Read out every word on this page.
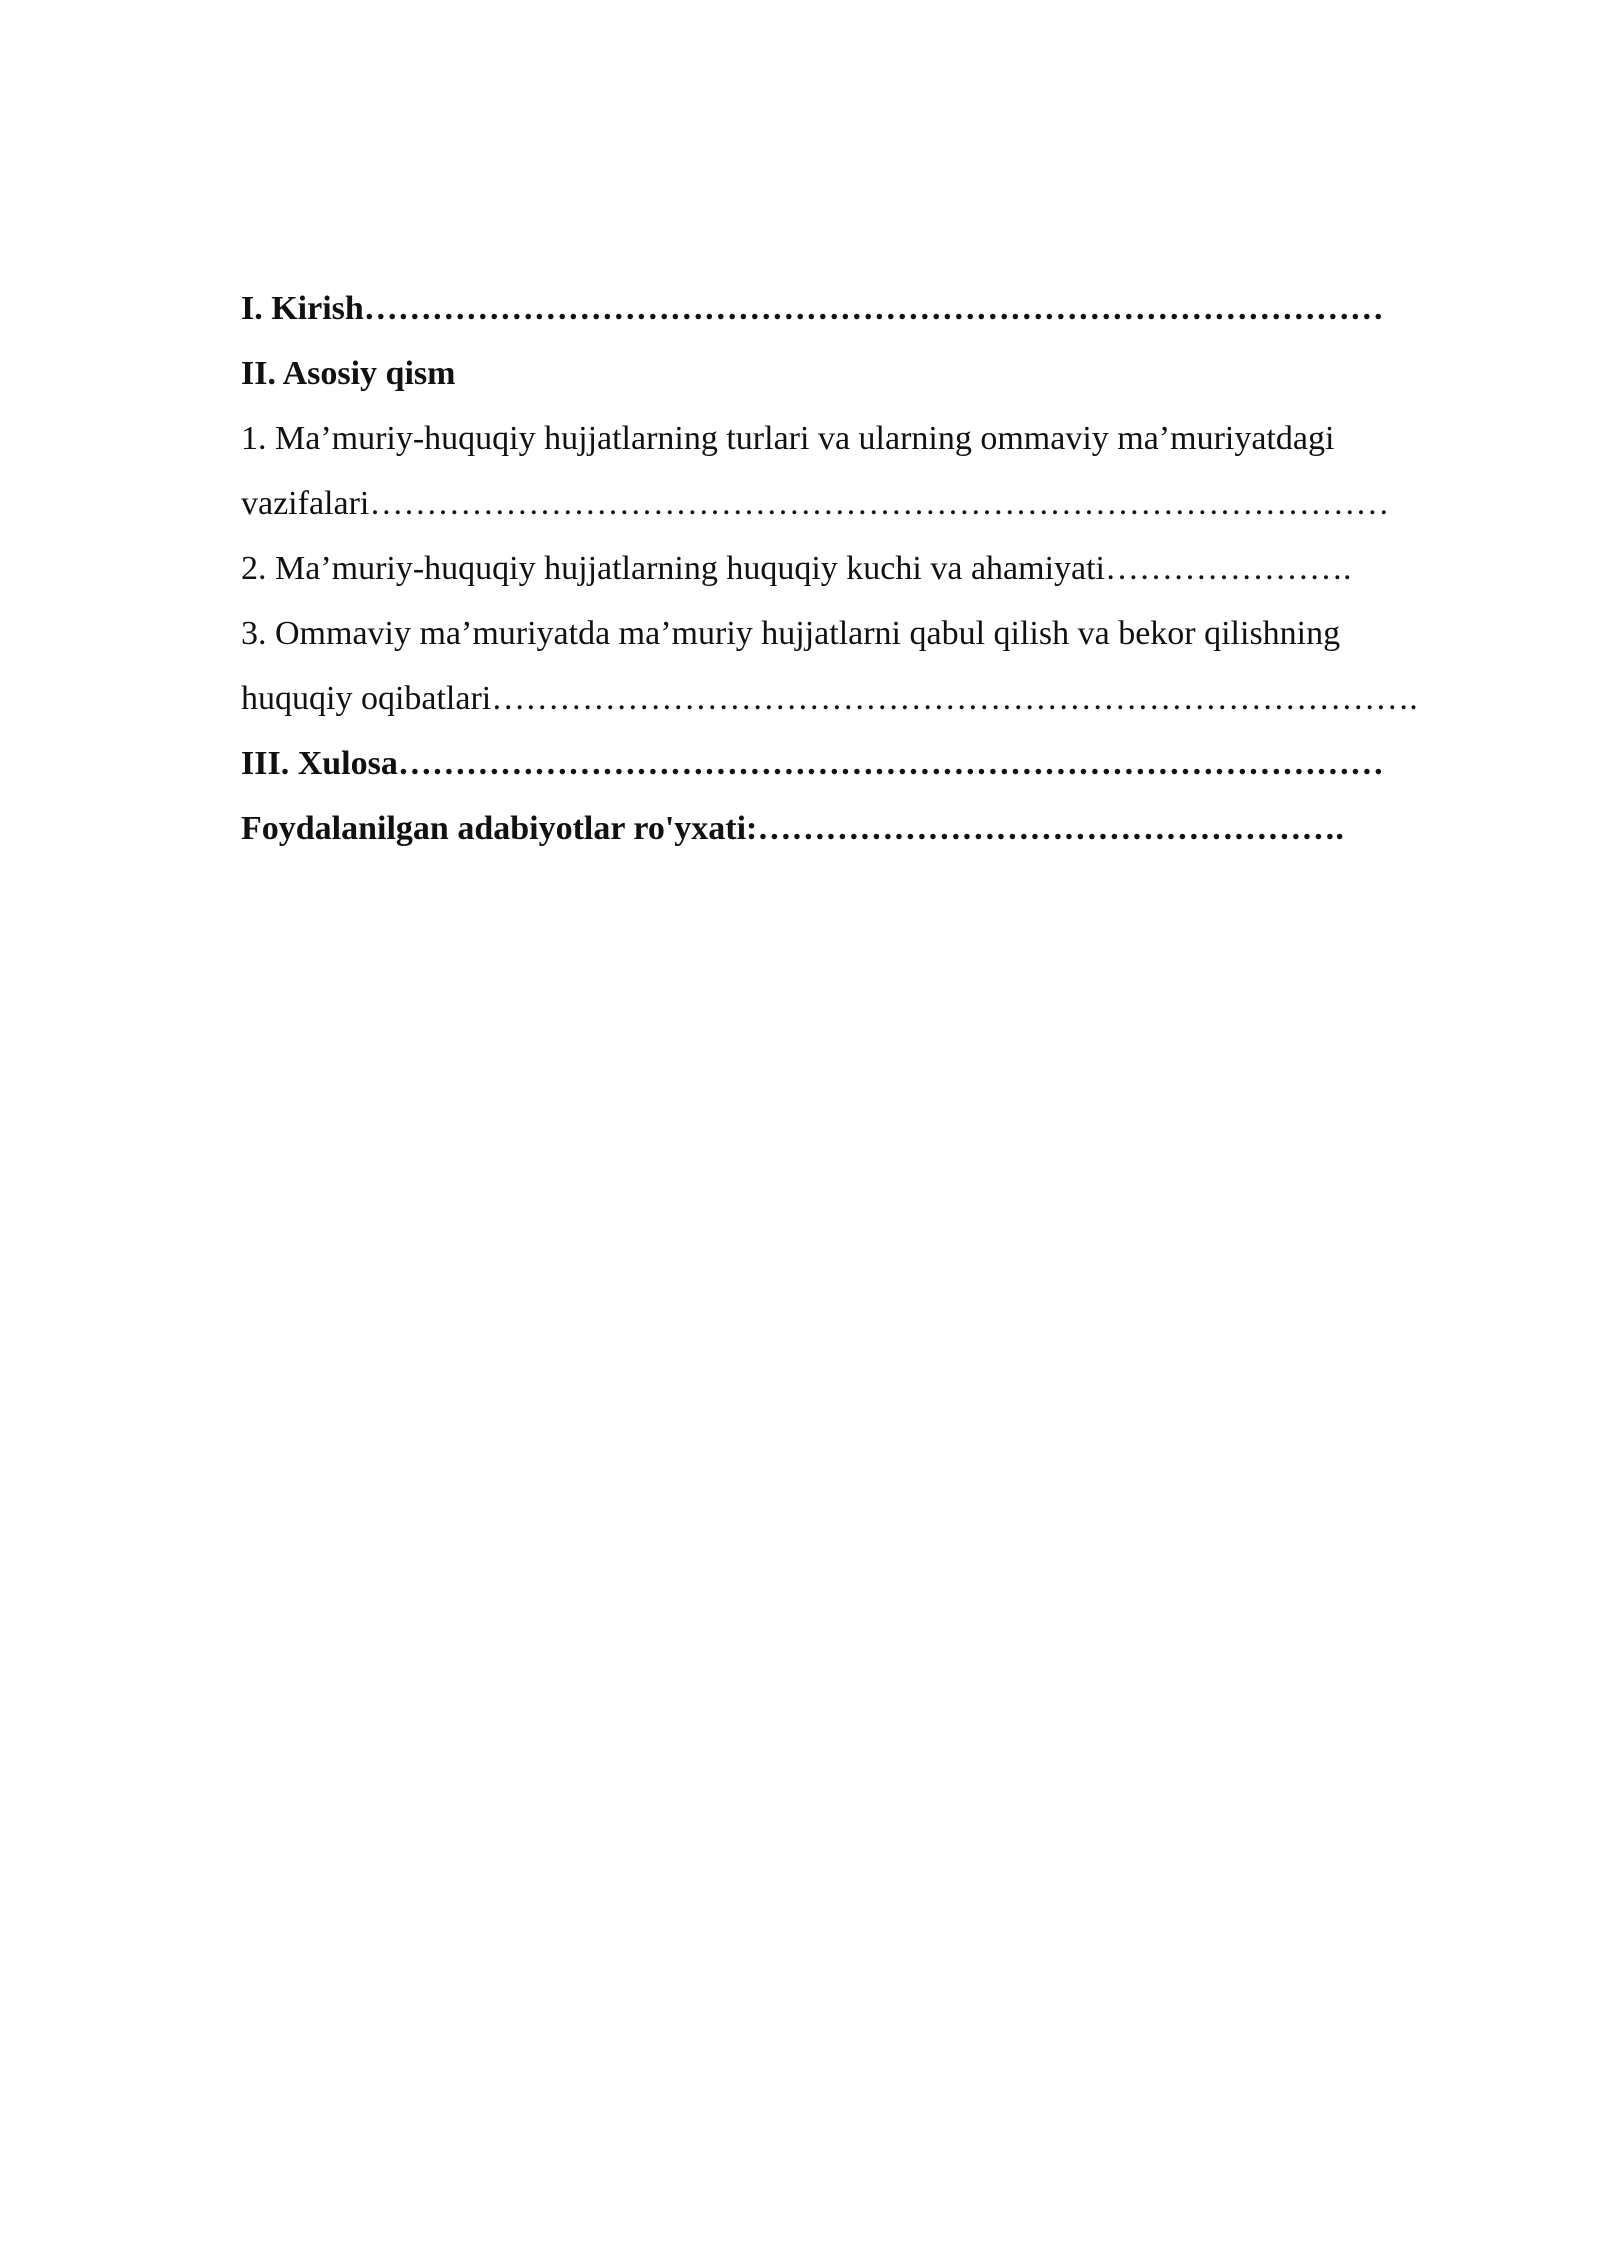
I. Kirish………………………………………………………………………………
II. Asosiy qism
1. Ma’muriy-huquqiy hujjatlarning turlari va ularning ommaviy ma’muriyatdagi
vazifalari………………………………………………………………………………
2. Ma’muriy-huquqiy hujjatlarning huquqiy kuchi va ahamiyati………………….
3. Ommaviy ma’muriyatda ma’muriy hujjatlarni qabul qilish va bekor qilishning
huquqiy oqibatlari……………………………………………………………………….
III. Xulosa……………………………………………………………………………
Foydalanilgan adabiyotlar ro'yxati:…………………………………………….
